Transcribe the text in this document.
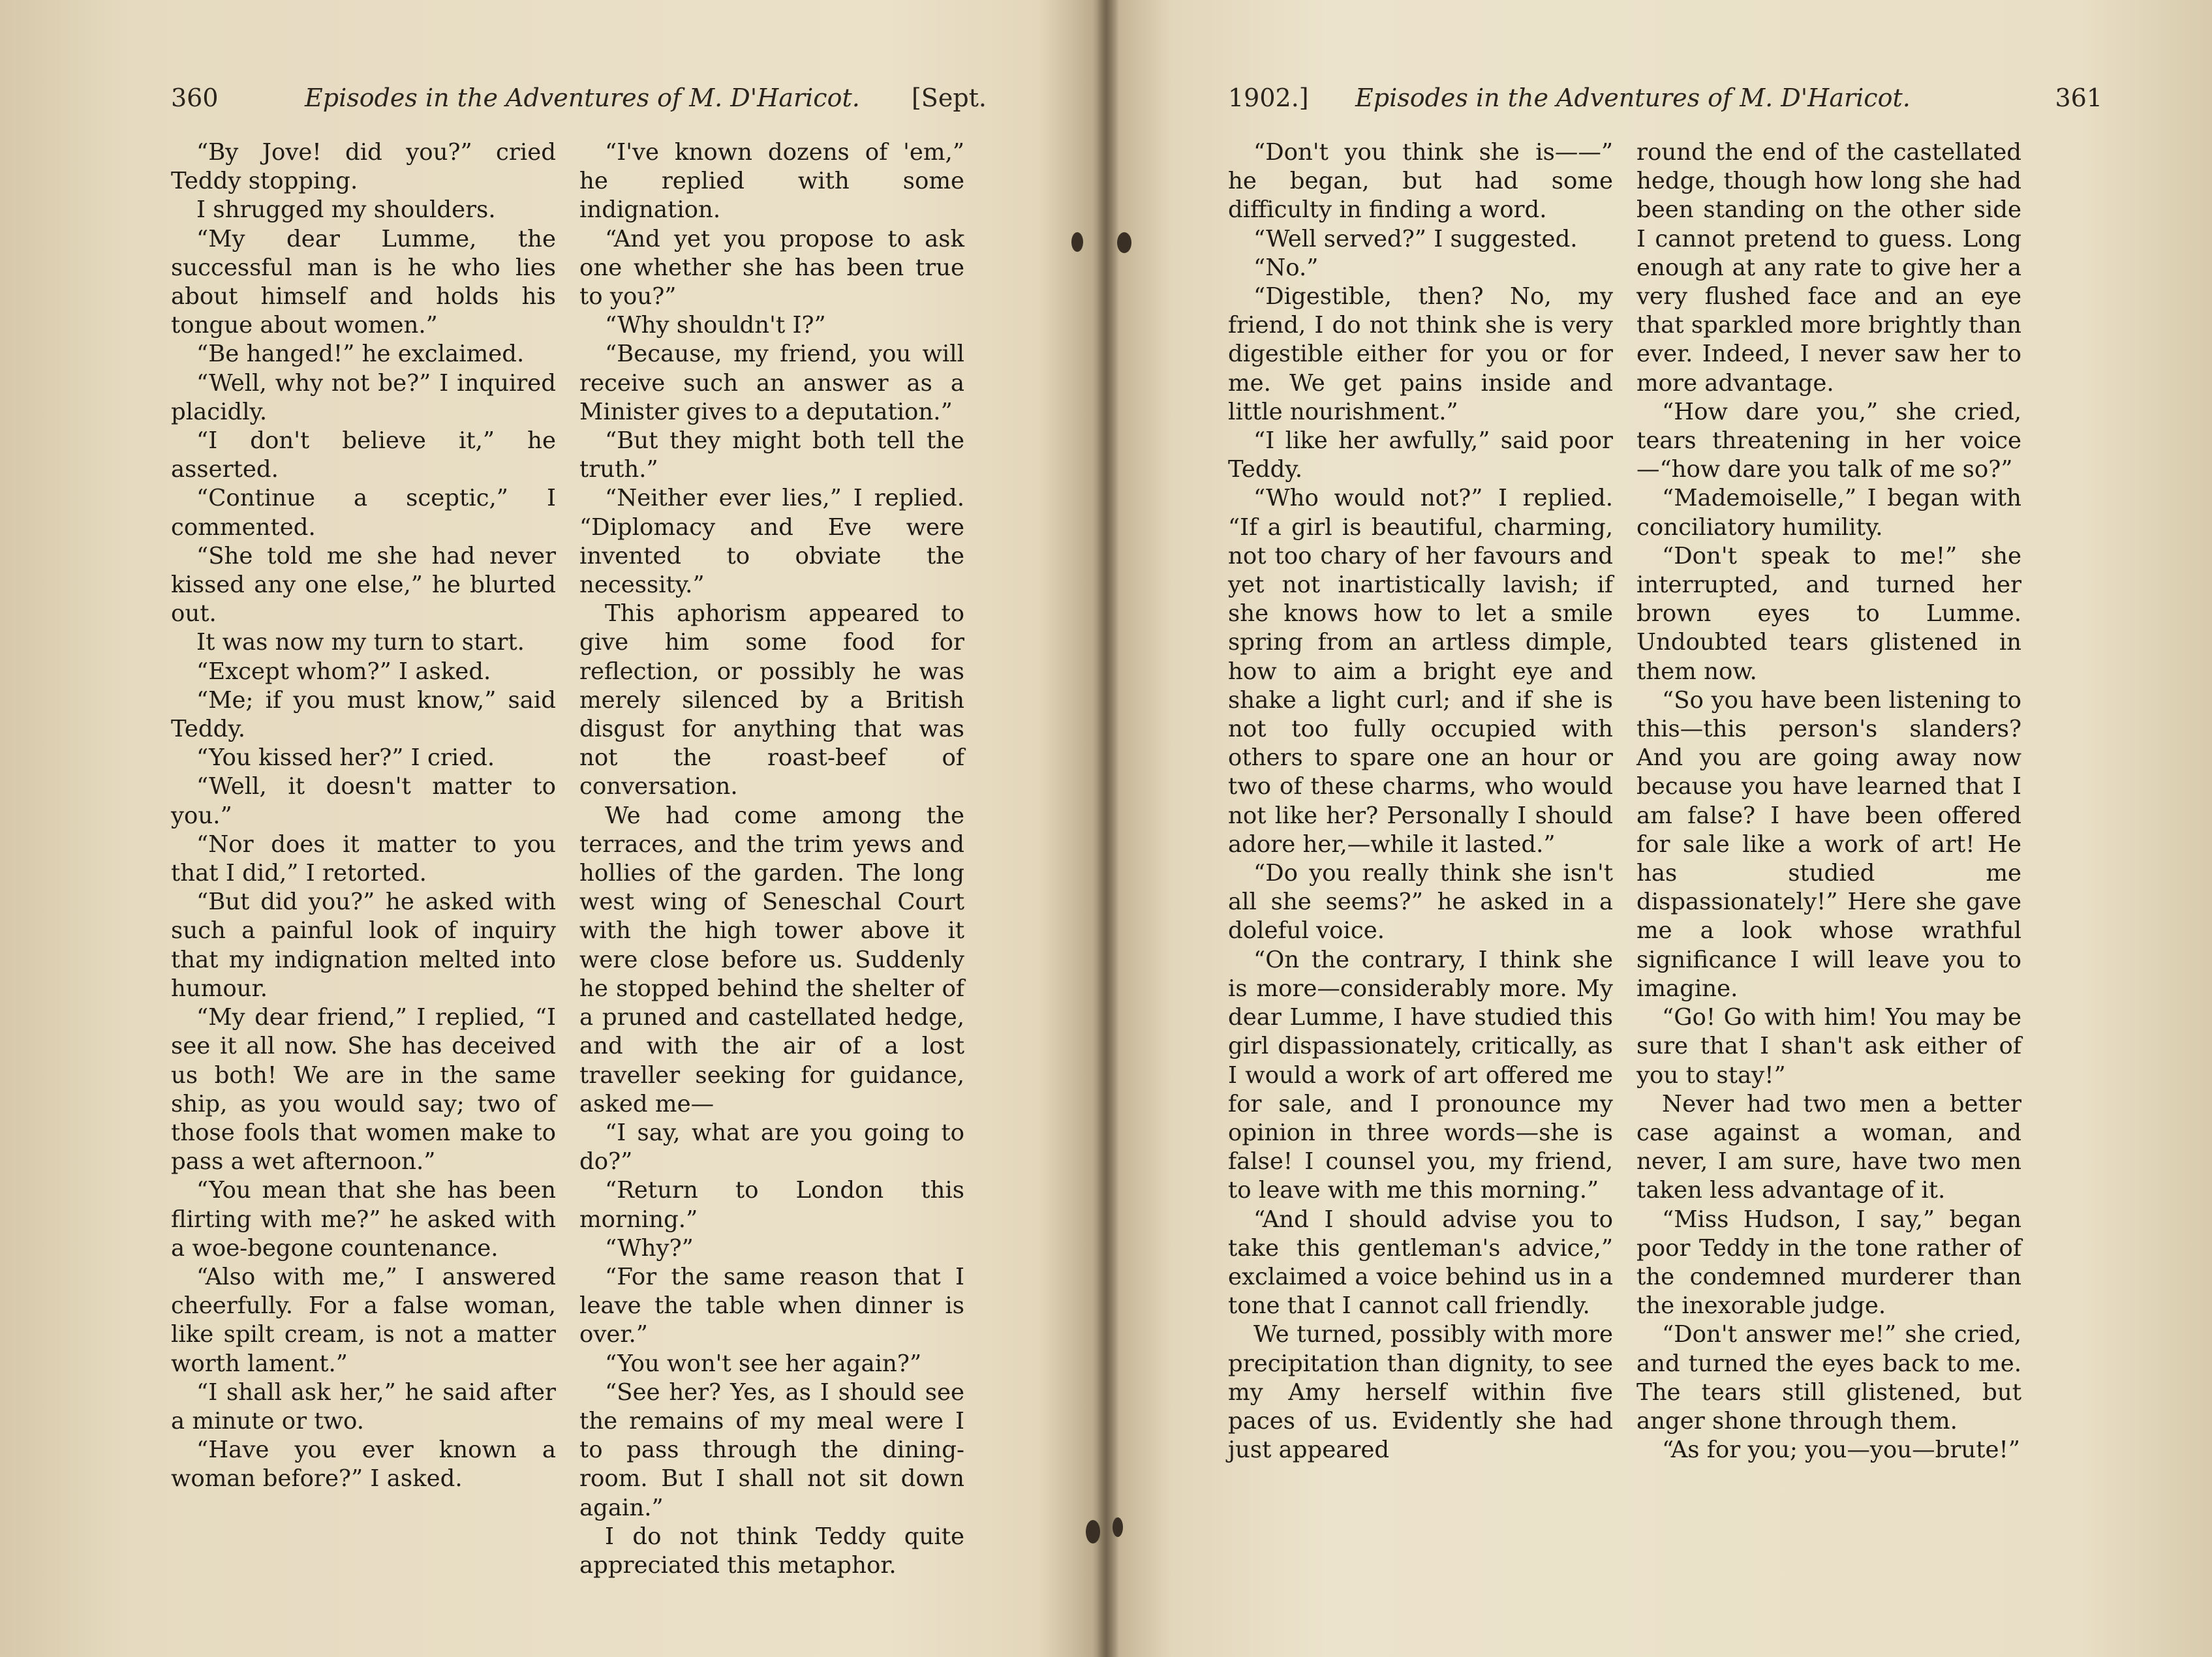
360	Episodes in the Adventures of M. D'Haricot. [Sept.

“By Jove! did you?” cried Teddy stopping.

I shrugged my shoulders.

“My dear Lumme, the successful man is he who lies about himself and holds his tongue about women.”

“Be hanged!” he exclaimed.

“Well, why not be?” I inquired placidly.

“I don't believe it,” he asserted.

“Continue a sceptic,” I commented.

“She told me she had never kissed any one else,” he blurted out.

It was now my turn to start.

“Except whom?” I asked.

“Me; if you must know,” said Teddy.

“You kissed her?” I cried.

“Well, it doesn't matter to you.”

“Nor does it matter to you that I did,” I retorted.

“But did you?” he asked with such a painful look of inquiry that my indignation melted into humour.

“My dear friend,” I replied, “I see it all now. She has deceived us both! We are in the same ship, as you would say; two of those fools that women make to pass a wet afternoon.”

“You mean that she has been flirting with me?” he asked with a woe-begone countenance.

“Also with me,” I answered cheerfully. For a false woman, like spilt cream, is not a matter worth lament.”

“I shall ask her,” he said after a minute or two.

“Have you ever known a woman before?” I asked.

“I've known dozens of 'em,” he replied with some indignation.

“And yet you propose to ask one whether she has been true to you?”

“Why shouldn't I?”

“Because, my friend, you will receive such an answer as a Minister gives to a deputation.”

“But they might both tell the truth.”

“Neither ever lies,” I replied. “Diplomacy and Eve were invented to obviate the necessity.”

This aphorism appeared to give him some food for reflection, or possibly he was merely silenced by a British disgust for anything that was not the roast-beef of conversation.

We had come among the terraces, and the trim yews and hollies of the garden. The long west wing of Seneschal Court with the high tower above it were close before us. Suddenly he stopped behind the shelter of a pruned and castellated hedge, and with the air of a lost traveller seeking for guidance, asked me—

“I say, what are you going to do?”

“Return to London this morning.”

“Why?”

“For the same reason that I leave the table when dinner is over.”

“You won't see her again?”

“See her? Yes, as I should see the remains of my meal were I to pass through the dining-room. But I shall not sit down again.”

I do not think Teddy quite appreciated this metaphor.

1902.] Episodes in the Adventures of M. D'Haricot.	361

“Don't you think she is——” he began, but had some difficulty in finding a word.

“Well served?” I suggested.

“No.”

“Digestible, then? No, my friend, I do not think she is very digestible either for you or for me. We get pains inside and little nourishment.”

“I like her awfully,” said poor Teddy.

“Who would not?” I replied. “If a girl is beautiful, charming, not too chary of her favours and yet not inartistically lavish; if she knows how to let a smile spring from an artless dimple, how to aim a bright eye and shake a light curl; and if she is not too fully occupied with others to spare one an hour or two of these charms, who would not like her? Personally I should adore her,—while it lasted.”

“Do you really think she isn't all she seems?” he asked in a doleful voice.

“On the contrary, I think she is more—considerably more. My dear Lumme, I have studied this girl dispassionately, critically, as I would a work of art offered me for sale, and I pronounce my opinion in three words—she is false! I counsel you, my friend, to leave with me this morning.”

“And I should advise you to take this gentleman's advice,” exclaimed a voice behind us in a tone that I cannot call friendly.

We turned, possibly with more precipitation than dignity, to see my Amy herself within five paces of us. Evidently she had just appeared

round the end of the castellated hedge, though how long she had been standing on the other side I cannot pretend to guess. Long enough at any rate to give her a very flushed face and an eye that sparkled more brightly than ever. Indeed, I never saw her to more advantage.

“How dare you,” she cried, tears threatening in her voice—“how dare you talk of me so?”

“Mademoiselle,” I began with conciliatory humility.

“Don't speak to me!” she interrupted, and turned her brown eyes to Lumme. Undoubted tears glistened in them now.

“So you have been listening to this—this person's slanders? And you are going away now because you have learned that I am false? I have been offered for sale like a work of art! He has studied me dispassionately!” Here she gave me a look whose wrathful significance I will leave you to imagine.

“Go! Go with him! You may be sure that I shan't ask either of you to stay!”

Never had two men a better case against a woman, and never, I am sure, have two men taken less advantage of it.

“Miss Hudson, I say,” began poor Teddy in the tone rather of the condemned murderer than the inexorable judge.

“Don't answer me!” she cried, and turned the eyes back to me. The tears still glistened, but anger shone through them.

“As for you; you—you—brute!”
